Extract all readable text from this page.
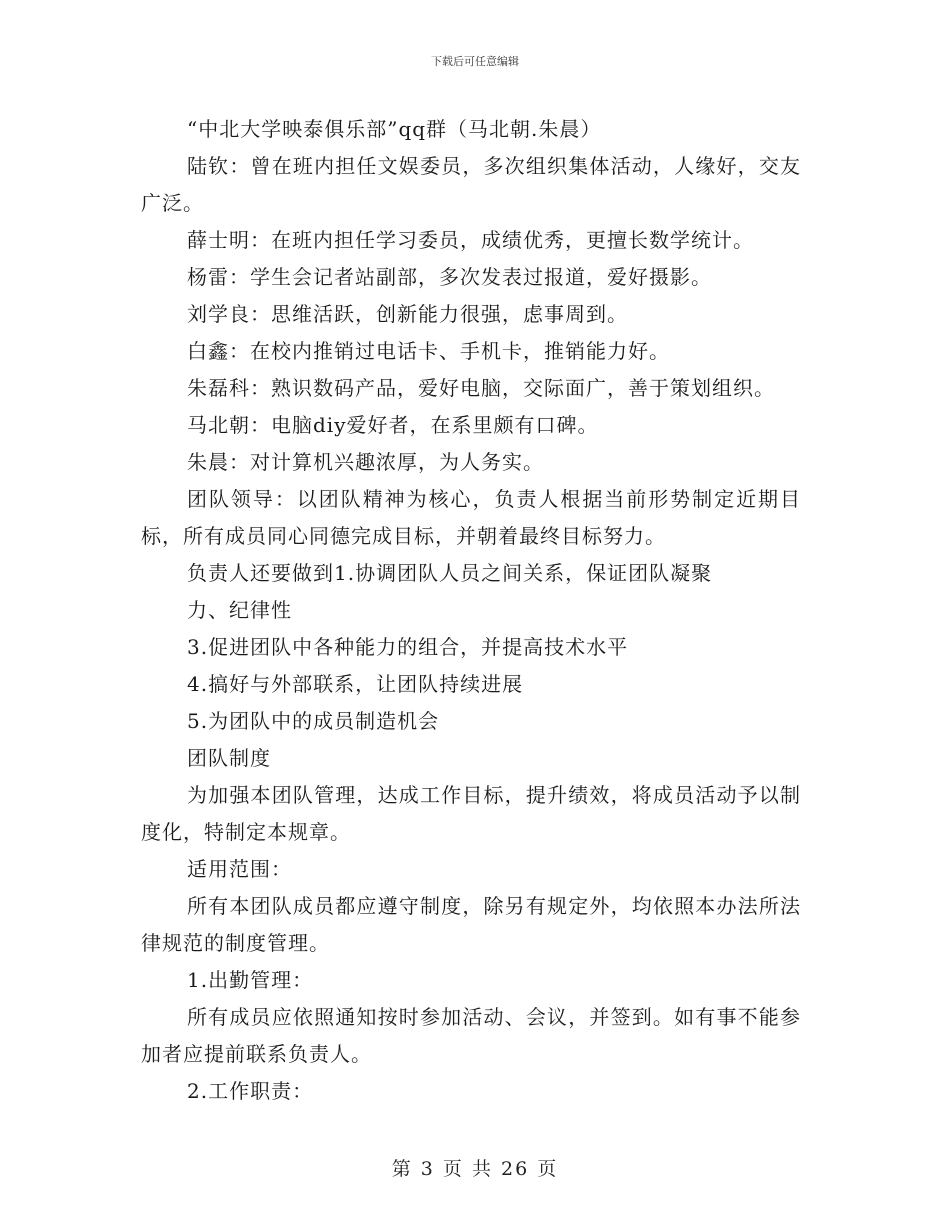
下载后可任意编辑

“中北大学映泰俱乐部”qq群（马北朝.朱晨）

陆钦：曾在班内担任文娱委员，多次组织集体活动，人缘好，交友广泛。

薛士明：在班内担任学习委员，成绩优秀，更擅长数学统计。

杨雷：学生会记者站副部，多次发表过报道，爱好摄影。

刘学良：思维活跃，创新能力很强，虑事周到。

白鑫：在校内推销过电话卡、手机卡，推销能力好。

朱磊科：熟识数码产品，爱好电脑，交际面广，善于策划组织。

马北朝：电脑diy爱好者，在系里颇有口碑。

朱晨：对计算机兴趣浓厚，为人务实。

团队领导：以团队精神为核心，负责人根据当前形势制定近期目标，所有成员同心同德完成目标，并朝着最终目标努力。

负责人还要做到1.协调团队人员之间关系，保证团队凝聚

力、纪律性

3.促进团队中各种能力的组合，并提高技术水平

4.搞好与外部联系，让团队持续进展

5.为团队中的成员制造机会

团队制度

为加强本团队管理，达成工作目标，提升绩效，将成员活动予以制度化，特制定本规章。

适用范围：

所有本团队成员都应遵守制度，除另有规定外，均依照本办法所法律规范的制度管理。

1.出勤管理：

所有成员应依照通知按时参加活动、会议，并签到。如有事不能参加者应提前联系负责人。

2.工作职责：

第 3 页 共 26 页
